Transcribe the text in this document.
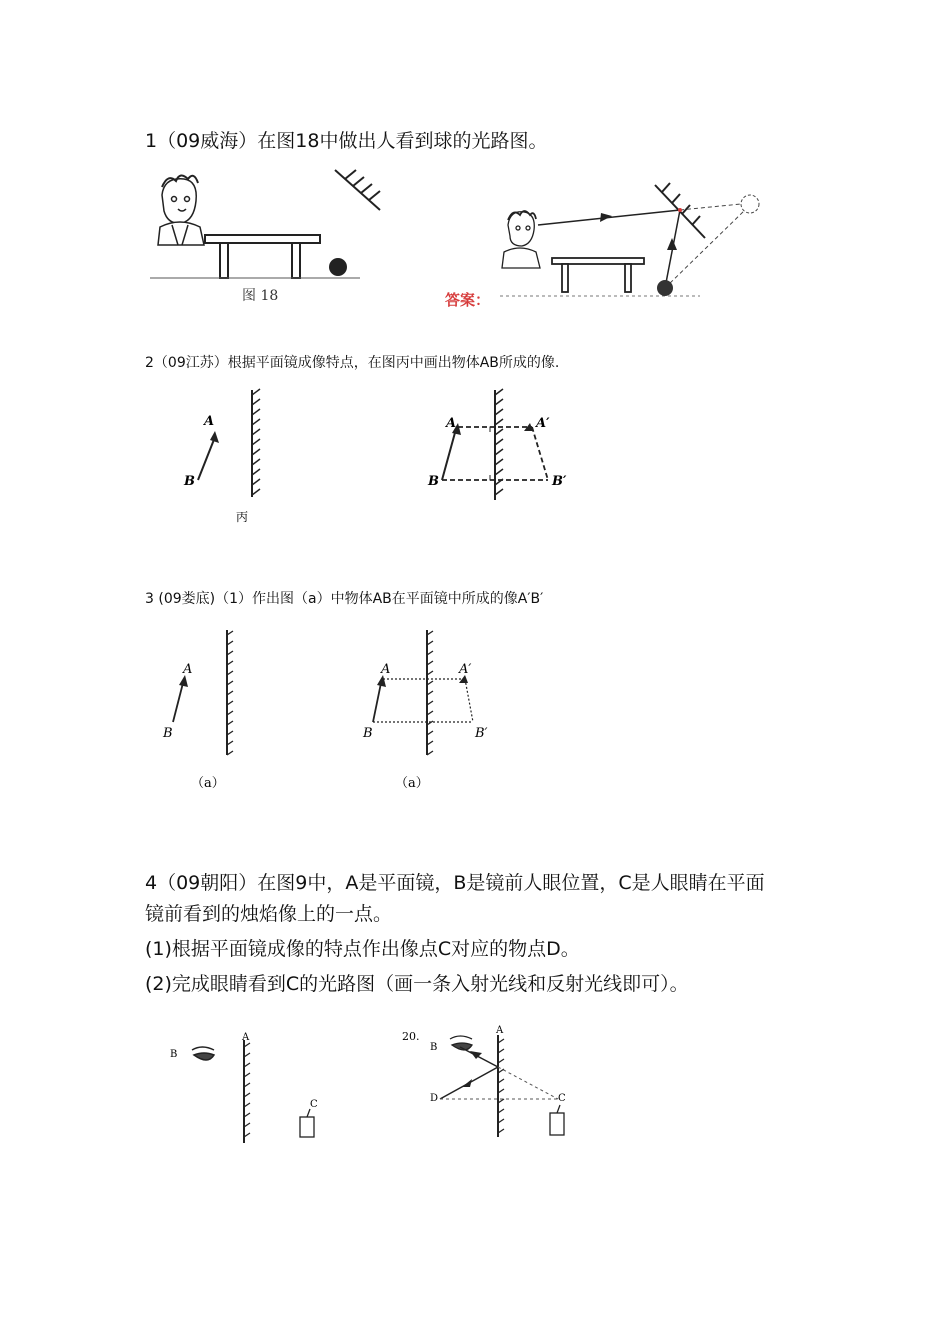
1（09威海）在图18中做出人看到球的光路图。
2（09江苏）根据平面镜成像特点，在图丙中画出物体AB所成的像.
3 (09娄底)（1）作出图（a）中物体AB在平面镜中所成的像A′B′
4（09朝阳）在图9中，A是平面镜，B是镜前人眼位置，C是人眼睛在平面
镜前看到的烛焰像上的一点。
(1)根据平面镜成像的特点作出像点C对应的物点D。
(2)完成眼睛看到C的光路图（画一条入射光线和反射光线即可）。
图 18	答案：
A
B
丙
A
B
A′
B′
A
B
（a）
A
B
A′
B′
（a）
B
A
C
20.
B
A
D	C
